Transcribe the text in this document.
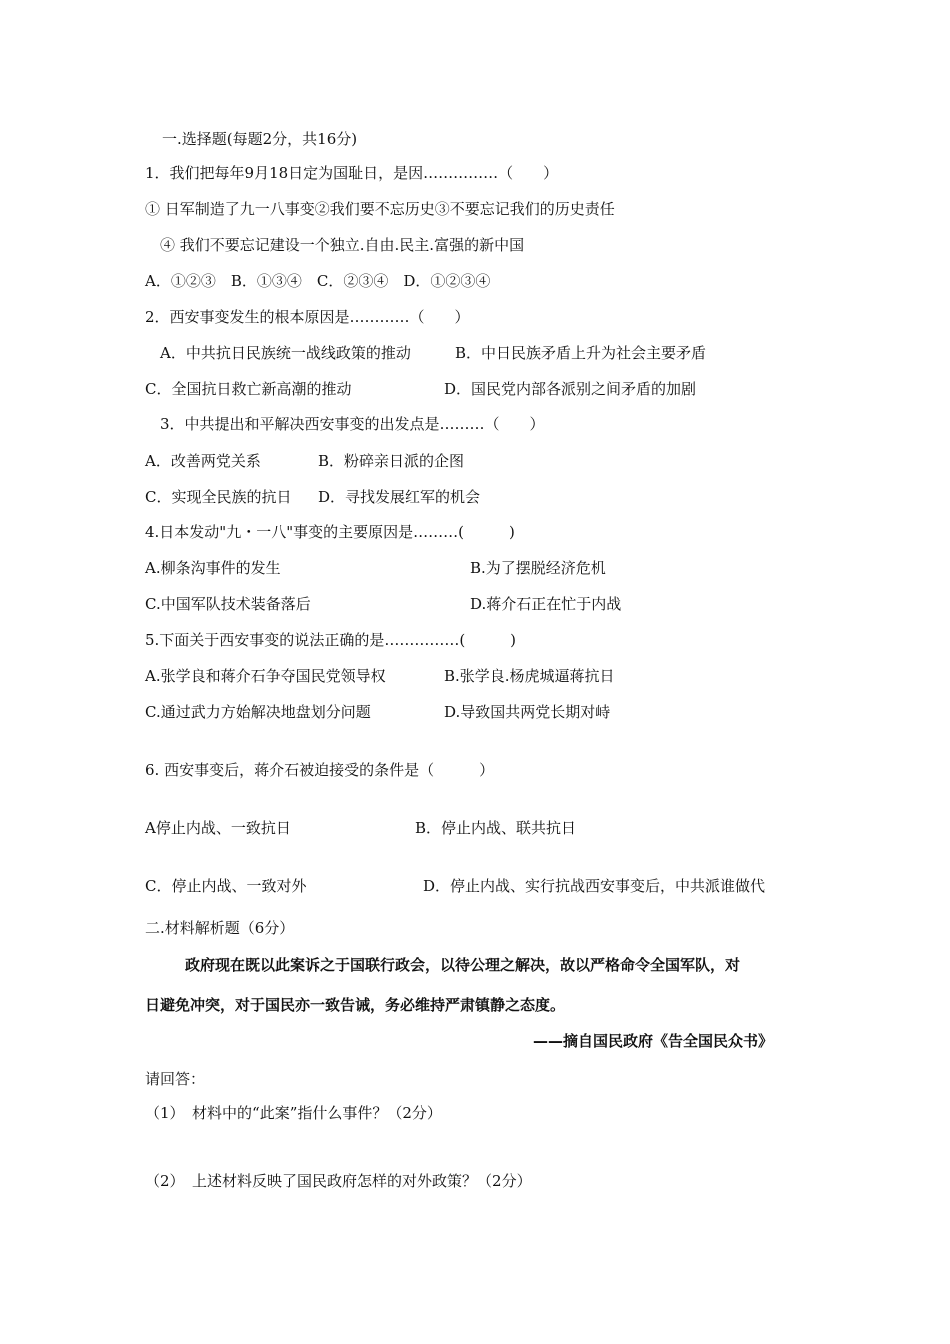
一.选择题(每题2分，共16分)
1．我们把每年9月18日定为国耻日，是因……………（　　）
① 日军制造了九一八事变②我们要不忘历史③不要忘记我们的历史责任
④ 我们不要忘记建设一个独立.自由.民主.富强的新中国
A．①②③　B．①③④　C．②③④　D．①②③④
2．西安事变发生的根本原因是…………（　　）
A．中共抗日民族统一战线政策的推动	B．中日民族矛盾上升为社会主要矛盾
C．全国抗日救亡新高潮的推动	D．国民党内部各派别之间矛盾的加剧
3．中共提出和平解决西安事变的出发点是………（　　）
A．改善两党关系	B．粉碎亲日派的企图
C．实现全民族的抗日 D．寻找发展红军的机会
4.日本发动"九・一八"事变的主要原因是………(　　　)
A.柳条沟事件的发生	B.为了摆脱经济危机
C.中国军队技术装备落后	D.蒋介石正在忙于内战
5.下面关于西安事变的说法正确的是……………(　　　)
A.张学良和蒋介石争夺国民党领导权	B.张学良.杨虎城逼蒋抗日
C.通过武力方始解决地盘划分问题	D.导致国共两党长期对峙
6. 西安事变后，蒋介石被迫接受的条件是（　　　）
A停止内战、一致抗日	B．停止内战、联共抗日
C．停止内战、一致对外	D．停止内战、实行抗战西安事变后，中共派谁做代
二.材料解析题（6分）
政府现在既以此案诉之于国联行政会，以待公理之解决，故以严格命令全国军队，对
日避免冲突，对于国民亦一致告诫，务必维持严肃镇静之态度。
——摘自国民政府《告全国民众书》
请回答：
（1）　材料中的“此案”指什么事件？（2分）
（2）　上述材料反映了国民政府怎样的对外政策？（2分）
